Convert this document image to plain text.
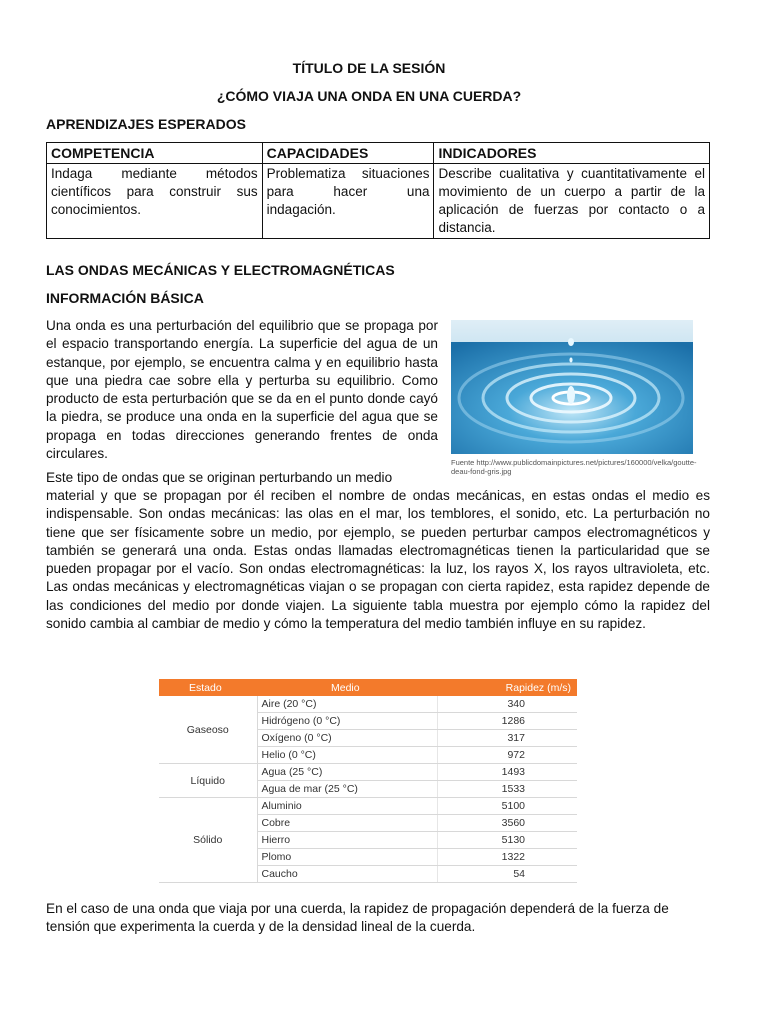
TÍTULO DE LA SESIÓN
¿CÓMO VIAJA UNA ONDA EN UNA CUERDA?
APRENDIZAJES ESPERADOS
COMPETENCIA	CAPACIDADES	INDICADORES
Indaga mediante métodos científicos para construir sus conocimientos.	Problematiza situaciones para hacer una indagación.	Describe cualitativa y cuantitativamente el movimiento de un cuerpo a partir de la aplicación de fuerzas por contacto o a distancia.
LAS ONDAS MECÁNICAS Y ELECTROMAGNÉTICAS
INFORMACIÓN BÁSICA
Una onda es una perturbación del equilibrio que se propaga por el espacio transportando energía. La superficie del agua de un estanque, por ejemplo, se encuentra calma y en equilibrio hasta que una piedra cae sobre ella y perturba su equilibrio. Como producto de esta perturbación que se da en el punto donde cayó la piedra, se produce una onda en la superficie del agua que se propaga en todas direcciones generando frentes de onda circulares.
Fuente http://www.publicdomainpictures.net/pictures/160000/velka/goutte-deau-fond-gris.jpg
Este tipo de ondas que se originan perturbando un medio
material y que se propagan por él reciben el nombre de ondas mecánicas, en estas ondas el medio es indispensable. Son ondas mecánicas: las olas en el mar, los temblores, el sonido, etc. La perturbación no tiene que ser físicamente sobre un medio, por ejemplo, se pueden perturbar campos electromagnéticos y también se generará una onda. Estas ondas llamadas electromagnéticas tienen la particularidad que se pueden propagar por el vacío. Son ondas electromagnéticas: la luz, los rayos X, los rayos ultravioleta, etc. Las ondas mecánicas y electromagnéticas viajan o se propagan con cierta rapidez, esta rapidez depende de las condiciones del medio por donde viajen. La siguiente tabla muestra por ejemplo cómo la rapidez del sonido cambia al cambiar de medio y cómo la temperatura del medio también influye en su rapidez.
Estado	Medio	Rapidez (m/s)
Gaseoso	Aire (20 °C)	340
	Hidrógeno (0 °C)	1286
	Oxígeno (0 °C)	317
	Helio (0 °C)	972
Líquido	Agua (25 °C)	1493
	Agua de mar (25 °C)	1533
Sólido	Aluminio	5100
	Cobre	3560
	Hierro	5130
	Plomo	1322
	Caucho	54
En el caso de una onda que viaja por una cuerda, la rapidez de propagación dependerá de la fuerza de tensión que experimenta la cuerda y de la densidad lineal de la cuerda.
